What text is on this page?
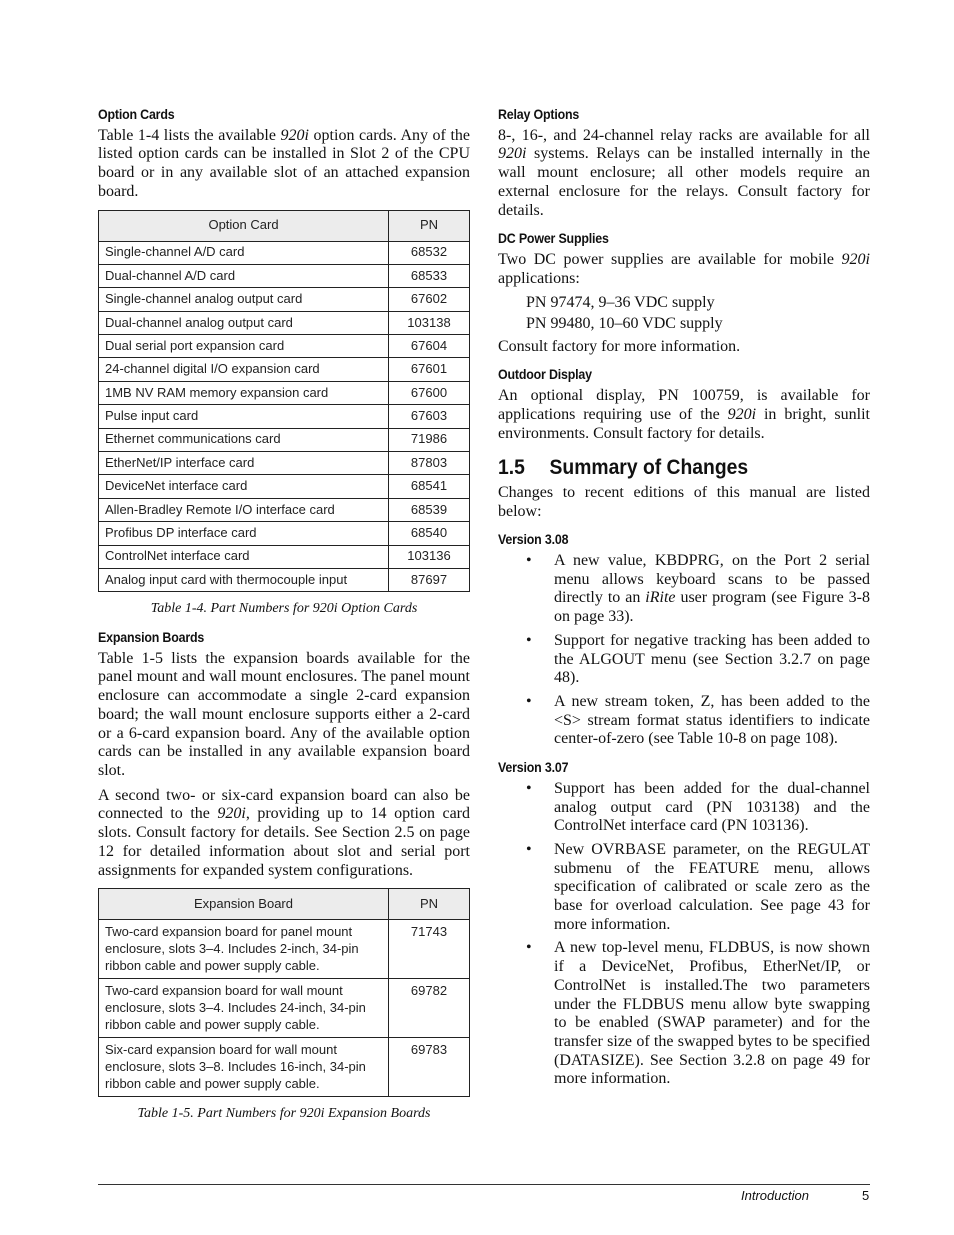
Option Cards

Table 1-4 lists the available 920i option cards. Any of the listed option cards can be installed in Slot 2 of the CPU board or in any available slot of an attached expansion board.

Option Card	PN
Single-channel A/D card	68532
Dual-channel A/D card	68533
Single-channel analog output card	67602
Dual-channel analog output card	103138
Dual serial port expansion card	67604
24-channel digital I/O expansion card	67601
1MB NV RAM memory expansion card	67600
Pulse input card	67603
Ethernet communications card	71986
EtherNet/IP interface card	87803
DeviceNet interface card	68541
Allen-Bradley Remote I/O interface card	68539
Profibus DP interface card	68540
ControlNet interface card	103136
Analog input card with thermocouple input	87697
Table 1-4. Part Numbers for 920i Option Cards
Expansion Boards

Table 1-5 lists the expansion boards available for the panel mount and wall mount enclosures. The panel mount enclosure can accommodate a single 2-card expansion board; the wall mount enclosure supports either a 2-card or a 6-card expansion board. Any of the available option cards can be installed in any available expansion board slot.

A second two- or six-card expansion board can also be connected to the 920i, providing up to 14 option card slots. Consult factory for details. See Section 2.5 on page 12 for detailed information about slot and serial port assignments for expanded system configurations.

Expansion Board	PN
Two-card expansion board for panel mount enclosure, slots 3–4. Includes 2-inch, 34-pin ribbon cable and power supply cable.	71743
Two-card expansion board for wall mount enclosure, slots 3–4. Includes 24-inch, 34-pin ribbon cable and power supply cable.	69782
Six-card expansion board for wall mount enclosure, slots 3–8. Includes 16-inch, 34-pin ribbon cable and power supply cable.	69783
Table 1-5. Part Numbers for 920i Expansion Boards
Relay Options

8-, 16-, and 24-channel relay racks are available for all 920i systems. Relays can be installed internally in the wall mount enclosure; all other models require an external enclosure for the relays. Consult factory for details.

DC Power Supplies

Two DC power supplies are available for mobile 920i applications:

PN 97474, 9–36 VDC supply
PN 99480, 10–60 VDC supply

Consult factory for more information.

Outdoor Display

An optional display, PN 100759, is available for applications requiring use of the 920i in bright, sunlit environments. Consult factory for details.

1.5 Summary of Changes

Changes to recent editions of this manual are listed below:

Version 3.08
• A new value, KBDPRG, on the Port 2 serial menu allows keyboard scans to be passed directly to an iRite user program (see Figure 3-8 on page 33).
• Support for negative tracking has been added to the ALGOUT menu (see Section 3.2.7 on page 48).
• A new stream token, Z, has been added to the <S> stream format status identifiers to indicate center-of-zero (see Table 10-8 on page 108).
Version 3.07
• Support has been added for the dual-channel analog output card (PN 103138) and the ControlNet interface card (PN 103136).
• New OVRBASE parameter, on the REGULAT submenu of the FEATURE menu, allows specification of calibrated or scale zero as the base for overload calculation. See page 43 for more information.
• A new top-level menu, FLDBUS, is now shown if a DeviceNet, Profibus, EtherNet/IP, or ControlNet is installed.The two parameters under the FLDBUS menu allow byte swapping to be enabled (SWAP parameter) and for the transfer size of the swapped bytes to be specified (DATASIZE). See Section 3.2.8 on page 49 for more information.
Introduction	5
